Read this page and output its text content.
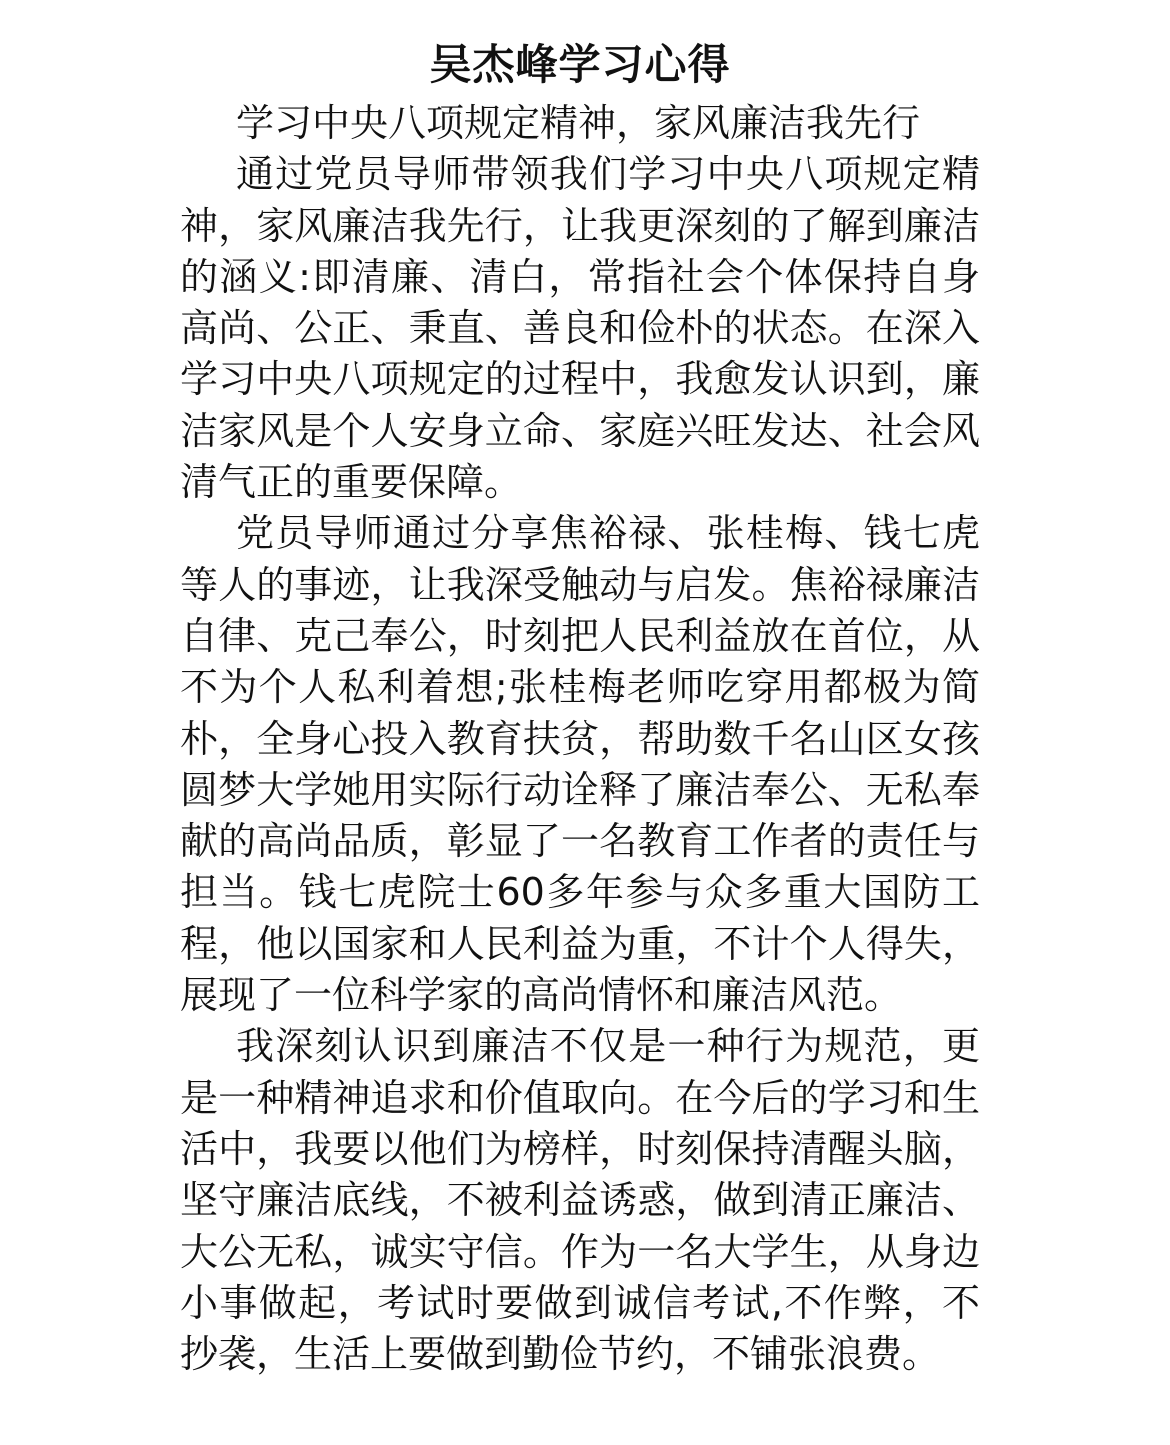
吴杰峰学习心得

学习中央八项规定精神，家风廉洁我先行

通过党员导师带领我们学习中央八项规定精神，家风廉洁我先行，让我更深刻的了解到廉洁的涵义:即清廉、清白，常指社会个体保持自身高尚、公正、秉直、善良和俭朴的状态。在深入学习中央八项规定的过程中，我愈发认识到，廉洁家风是个人安身立命、家庭兴旺发达、社会风清气正的重要保障。

党员导师通过分享焦裕禄、张桂梅、钱七虎等人的事迹，让我深受触动与启发。焦裕禄廉洁自律、克己奉公，时刻把人民利益放在首位，从不为个人私利着想;张桂梅老师吃穿用都极为简朴，全身心投入教育扶贫，帮助数千名山区女孩圆梦大学她用实际行动诠释了廉洁奉公、无私奉献的高尚品质，彰显了一名教育工作者的责任与担当。钱七虎院士60多年参与众多重大国防工程，他以国家和人民利益为重，不计个人得失，展现了一位科学家的高尚情怀和廉洁风范。

我深刻认识到廉洁不仅是一种行为规范，更是一种精神追求和价值取向。在今后的学习和生活中，我要以他们为榜样，时刻保持清醒头脑，坚守廉洁底线，不被利益诱惑，做到清正廉洁、大公无私，诚实守信。作为一名大学生，从身边小事做起，考试时要做到诚信考试,不作弊，不抄袭，生活上要做到勤俭节约，不铺张浪费。
